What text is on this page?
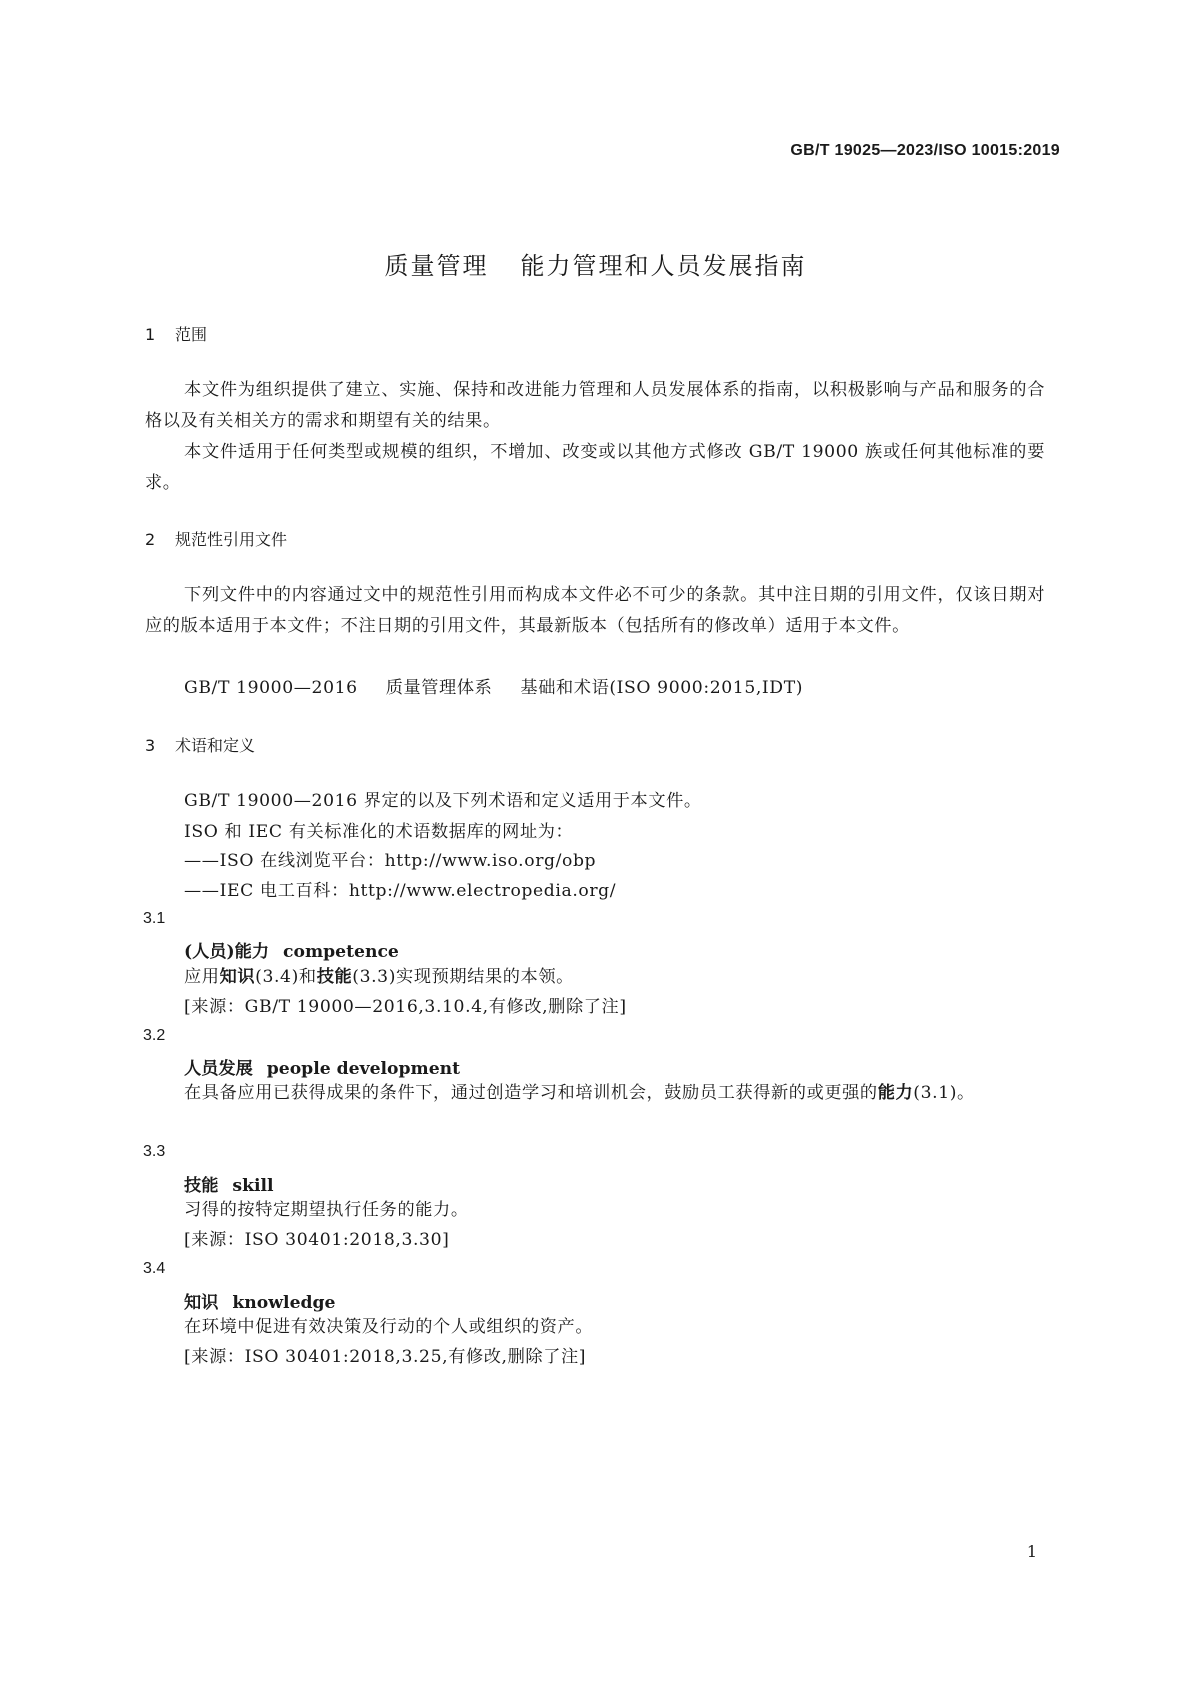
GB/T 19025—2023/ISO 10015:2019
质量管理 能力管理和人员发展指南
1 范围
本文件为组织提供了建立、实施、保持和改进能力管理和人员发展体系的指南，以积极影响与产品和服务的合格以及有关相关方的需求和期望有关的结果。
本文件适用于任何类型或规模的组织，不增加、改变或以其他方式修改 GB/T 19000 族或任何其他标准的要求。
2 规范性引用文件
下列文件中的内容通过文中的规范性引用而构成本文件必不可少的条款。其中注日期的引用文件，仅该日期对应的版本适用于本文件；不注日期的引用文件，其最新版本（包括所有的修改单）适用于本文件。
GB/T 19000—2016 质量管理体系 基础和术语(ISO 9000:2015,IDT)
3 术语和定义
GB/T 19000—2016 界定的以及下列术语和定义适用于本文件。
ISO 和 IEC 有关标准化的术语数据库的网址为：
——ISO 在线浏览平台：http://www.iso.org/obp
——IEC 电工百科：http://www.electropedia.org/
3.1
(人员)能力 competence
应用知识(3.4)和技能(3.3)实现预期结果的本领。
[来源：GB/T 19000—2016,3.10.4,有修改,删除了注]
3.2
人员发展 people development
在具备应用已获得成果的条件下，通过创造学习和培训机会，鼓励员工获得新的或更强的能力(3.1)。
3.3
技能 skill
习得的按特定期望执行任务的能力。
[来源：ISO 30401:2018,3.30]
3.4
知识 knowledge
在环境中促进有效决策及行动的个人或组织的资产。
[来源：ISO 30401:2018,3.25,有修改,删除了注]
1
